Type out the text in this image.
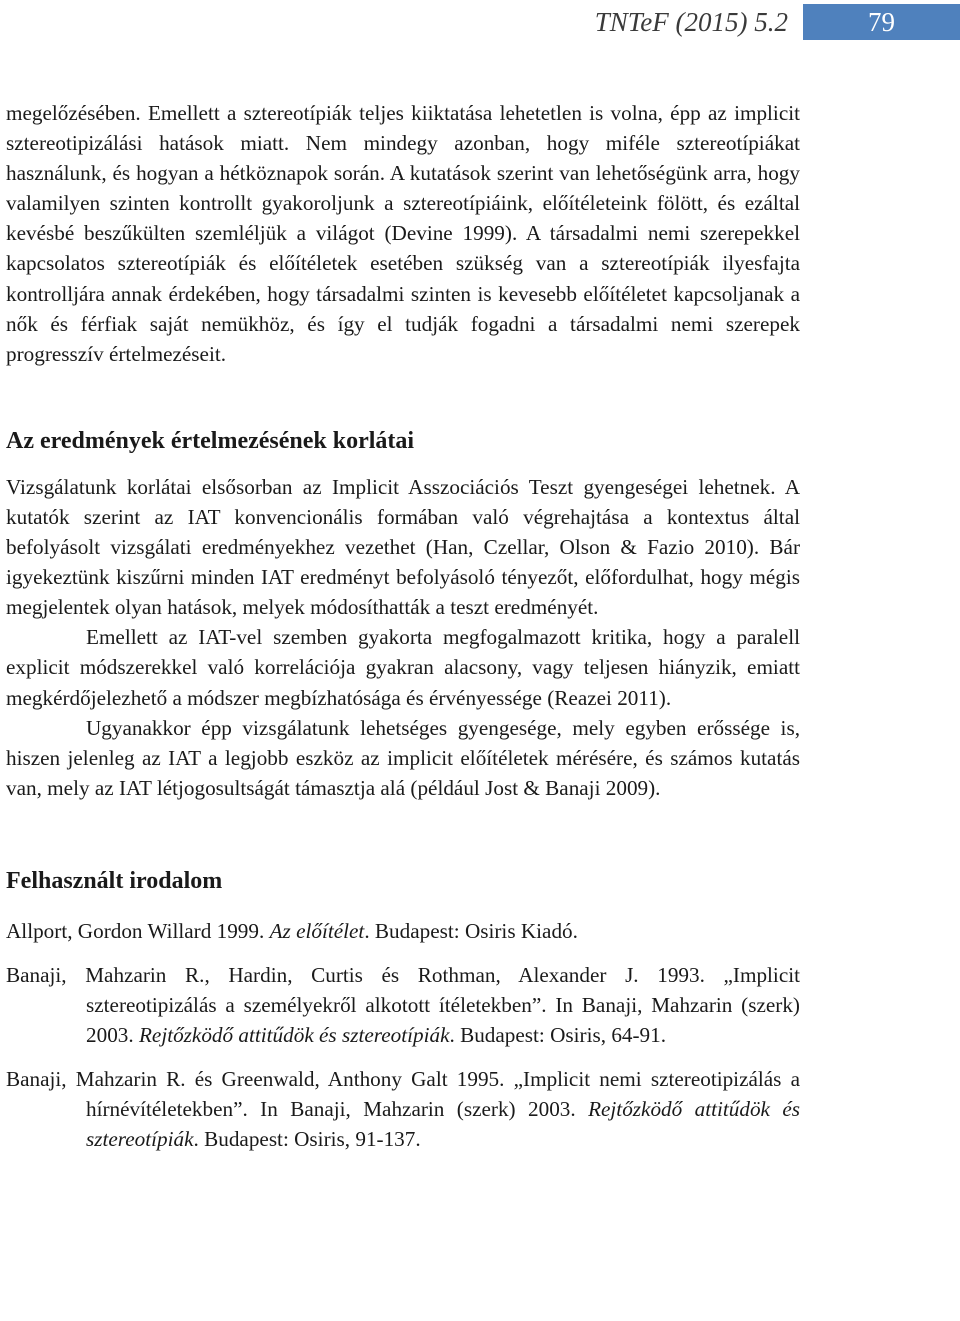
TNTeF (2015) 5.2	79

megelőzésében. Emellett a sztereotípiák teljes kiiktatása lehetetlen is volna, épp az implicit sztereotipizálási hatások miatt. Nem mindegy azonban, hogy miféle sztereotípiákat használunk, és hogyan a hétköznapok során. A kutatások szerint van lehetőségünk arra, hogy valamilyen szinten kontrollt gyakoroljunk a sztereotípiáink, előítéleteink fölött, és ezáltal kevésbé beszűkülten szemléljük a világot (Devine 1999). A társadalmi nemi szerepekkel kapcsolatos sztereotípiák és előítéletek esetében szükség van a sztereotípiák ilyesfajta kontrolljára annak érdekében, hogy társadalmi szinten is kevesebb előítéletet kapcsoljanak a nők és férfiak saját nemükhöz, és így el tudják fogadni a társadalmi nemi szerepek progresszív értelmezéseit.

Az eredmények értelmezésének korlátai

Vizsgálatunk korlátai elsősorban az Implicit Asszociációs Teszt gyengeségei lehetnek. A kutatók szerint az IAT konvencionális formában való végrehajtása a kontextus által befolyásolt vizsgálati eredményekhez vezethet (Han, Czellar, Olson & Fazio 2010). Bár igyekeztünk kiszűrni minden IAT eredményt befolyásoló tényezőt, előfordulhat, hogy mégis megjelentek olyan hatások, melyek módosíthatták a teszt eredményét.

Emellett az IAT-vel szemben gyakorta megfogalmazott kritika, hogy a paralell explicit módszerekkel való korrelációja gyakran alacsony, vagy teljesen hiányzik, emiatt megkérdőjelezhető a módszer megbízhatósága és érvényessége (Reazei 2011).

Ugyanakkor épp vizsgálatunk lehetséges gyengesége, mely egyben erőssége is, hiszen jelenleg az IAT a legjobb eszköz az implicit előítéletek mérésére, és számos kutatás van, mely az IAT létjogosultságát támasztja alá (például Jost & Banaji 2009).

Felhasznált irodalom

Allport, Gordon Willard 1999. Az előítélet. Budapest: Osiris Kiadó.

Banaji, Mahzarin R., Hardin, Curtis és Rothman, Alexander J. 1993. „Implicit sztereotipizálás a személyekről alkotott ítéletekben”. In Banaji, Mahzarin (szerk) 2003. Rejtőzködő attitűdök és sztereotípiák. Budapest: Osiris, 64-91.

Banaji, Mahzarin R. és Greenwald, Anthony Galt 1995. „Implicit nemi sztereotipizálás a hírnévítéletekben”. In Banaji, Mahzarin (szerk) 2003. Rejtőzködő attitűdök és sztereotípiák. Budapest: Osiris, 91-137.
